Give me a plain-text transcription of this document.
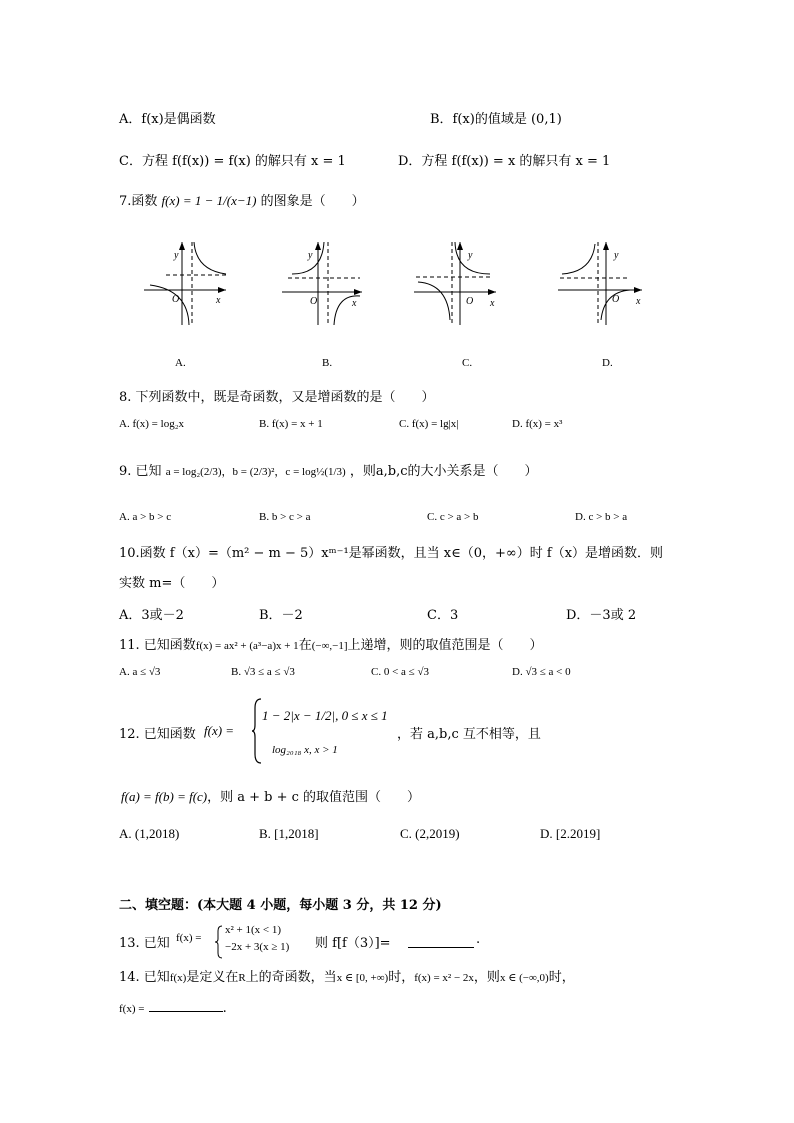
A．f(x)是偶函数	B．f(x)的值域是 (0,1)
C．方程 f(f(x)) = f(x) 的解只有 x = 1	D．方程 f(f(x)) = x 的解只有 x = 1
7.函数 f(x) = 1 − 1/(x−1) 的图象是（　　）
y
O	x
y
O	x
y
O x
y
O x
A.	B.	C.	D.
8. 下列函数中，既是奇函数，又是增函数的是（　　）
A. f(x) = log₂x	B. f(x) = x + 1	C. f(x) = lg|x|	D. f(x) = x³
9. 已知 a = log₂(2/3)，b = (2/3)²，c = log½(1/3) ，则a,b,c的大小关系是（　　）
A. a > b > c	B. b > c > a	C. c > a > b	D. c > b > a
10.函数 f（x）=（m² − m − 5）xᵐ⁻¹是幂函数，且当 x∈（0，+∞）时 f（x）是增函数．则
实数 m=（　　）
A．3或－2	B．－2	C．3	D．－3或 2
11. 已知函数f(x) = ax² + (a³−a)x + 1在(−∞,−1]上递增，则的取值范围是（　　）
A. a ≤ √3	B. √3 ≤ a ≤ √3	C. 0 < a ≤ √3	D. √3 ≤ a < 0
12. 已知函数 f(x) =
1 − 2|x − 1/2|, 0 ≤ x ≤ 1
log₂₀₁₈ x, x > 1
，若 a,b,c 互不相等，且
f(a) = f(b) = f(c)，则 a + b + c 的取值范围（　　）
A. (1,2018)	B. [1,2018]	C. (2,2019)	D. [2.2019]
二、填空题：(本大题 4 小题，每小题 3 分，共 12 分)
13. 已知 f(x) =
x² + 1(x < 1)
−2x + 3(x ≥ 1) 则 f[f（3）]=	.
14. 已知f(x)是定义在R上的奇函数，当x ∈ [0, +∞)时，f(x) = x² − 2x，则x ∈ (−∞,0)时，
f(x) =	.
